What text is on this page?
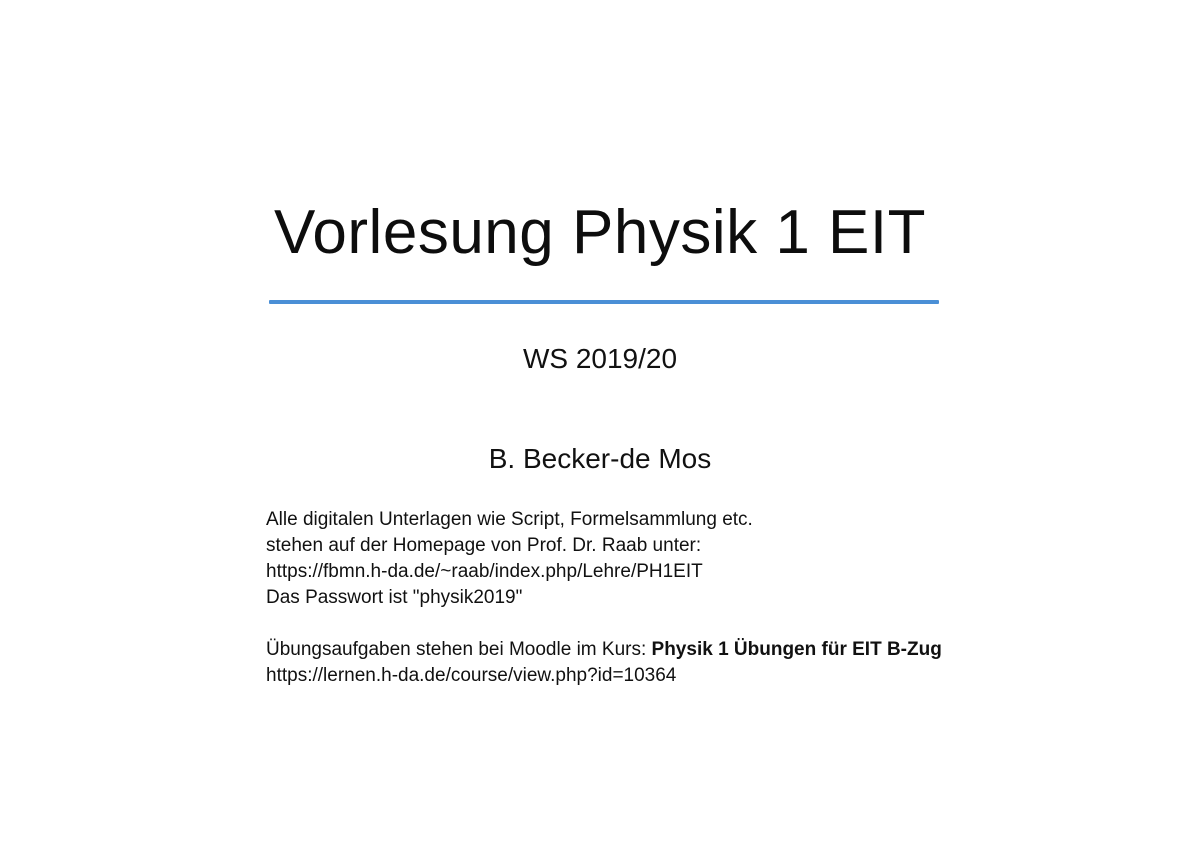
Vorlesung Physik 1 EIT
WS 2019/20
B. Becker-de Mos
Alle digitalen Unterlagen wie Script, Formelsammlung etc.
stehen auf der Homepage von Prof. Dr. Raab unter:
https://fbmn.h-da.de/~raab/index.php/Lehre/PH1EIT
Das Passwort ist "physik2019"
Übungsaufgaben stehen bei Moodle im Kurs: Physik 1 Übungen für EIT B-Zug
https://lernen.h-da.de/course/view.php?id=10364
